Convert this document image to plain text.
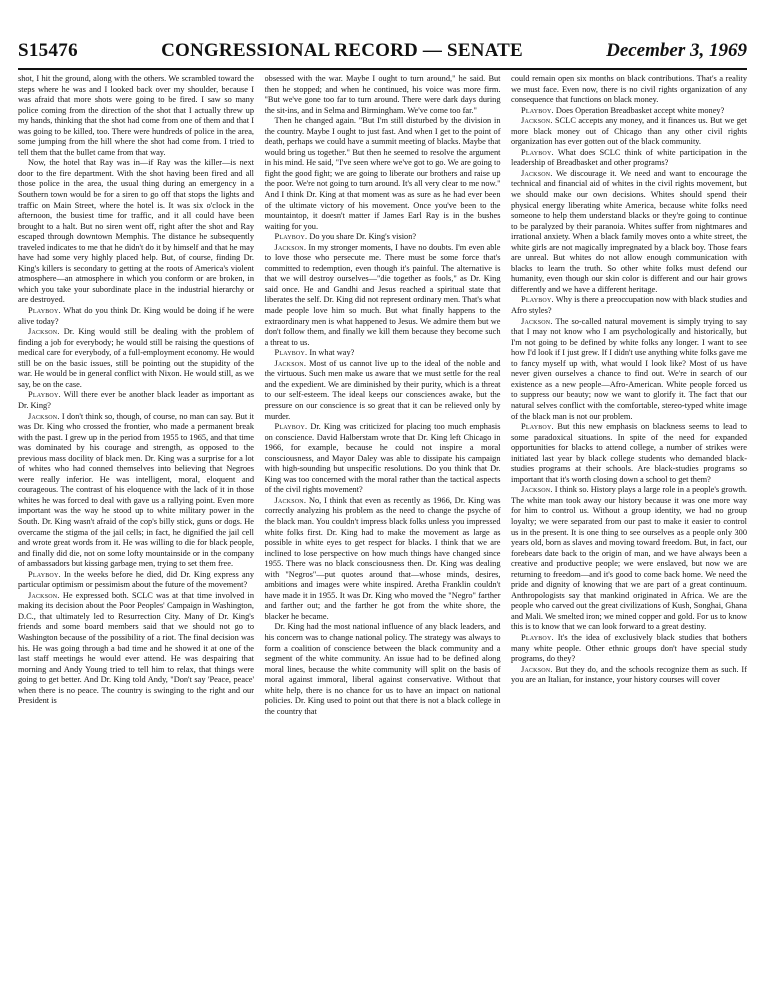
S15476	CONGRESSIONAL RECORD — SENATE	December 3, 1969

shot, I hit the ground, along with the others. We scrambled toward the steps where he was and I looked back over my shoulder, because I was afraid that more shots were going to be fired. I saw so many police coming from the direction of the shot that I actually threw up my hands, thinking that the shot had come from one of them and that I was going to be killed, too. There were hundreds of police in the area, some jumping from the hill where the shot had come from. I tried to tell them that the bullet came from that way.

Now, the hotel that Ray was in—if Ray was the killer—is next door to the fire department. With the shot having been fired and all those police in the area, the usual thing during an emergency in a Southern town would be for a siren to go off that stops the lights and traffic on Main Street, where the hotel is. It was six o'clock in the afternoon, the busiest time for traffic, and it all could have been brought to a halt. But no siren went off, right after the shot and Ray escaped through downtown Memphis. The distance he subsequently traveled indicates to me that he didn't do it by himself and that he may have had some very highly placed help. But, of course, finding Dr. King's killers is secondary to getting at the roots of America's violent atmosphere—an atmosphere in which you conform or are broken, in which you take your subordinate place in the industrial hierarchy or are destroyed.

Playboy. What do you think Dr. King would be doing if he were alive today?

Jackson. Dr. King would still be dealing with the problem of finding a job for everybody; he would still be raising the questions of medical care for everybody, of a full-employment economy. He would still be on the basic issues, still be pointing out the stupidity of the war. He would be in general conflict with Nixon. He would still, as we say, be on the case.

Playboy. Will there ever be another black leader as important as Dr. King?

Jackson. I don't think so, though, of course, no man can say. But it was Dr. King who crossed the frontier, who made a permanent break with the past. I grew up in the period from 1955 to 1965, and that time was dominated by his courage and strength, as opposed to the previous mass docility of black men. Dr. King was a surprise for a lot of whites who had conned themselves into believing that Negroes were really inferior. He was intelligent, moral, eloquent and courageous. The contrast of his eloquence with the lack of it in those whites he was forced to deal with gave us a rallying point. Even more important was the way he stood up to white military power in the South. Dr. King wasn't afraid of the cop's billy stick, guns or dogs. He overcame the stigma of the jail cells; in fact, he dignified the jail cell and wrote great words from it. He was willing to die for black people, and finally did die, not on some lofty mountainside or in the company of ambassadors but kissing garbage men, trying to set them free.

Playboy. In the weeks before he died, did Dr. King express any particular optimism or pessimism about the future of the movement?

Jackson. He expressed both. SCLC was at that time involved in making its decision about the Poor Peoples' Campaign in Washington, D.C., that ultimately led to Resurrection City. Many of Dr. King's friends and some board members said that we should not go to Washington because of the possibility of a riot. The final decision was his. He was going through a bad time and he showed it at one of the last staff meetings he would ever attend. He was despairing that morning and Andy Young tried to tell him to relax, that things were going to get better. And Dr. King told Andy, "Don't say 'Peace, peace' when there is no peace. The country is swinging to the right and our President is

obsessed with the war. Maybe I ought to turn around," he said. But then he stopped; and when he continued, his voice was more firm. "But we've gone too far to turn around. There were dark days during the sit-ins, and in Selma and Birmingham. We've come too far."

Then he changed again. "But I'm still disturbed by the division in the country. Maybe I ought to just fast. And when I get to the point of death, perhaps we could have a summit meeting of blacks. Maybe that would bring us together." But then he seemed to resolve the argument in his mind. He said, "I've seen where we've got to go. We are going to fight the good fight; we are going to liberate our brothers and raise up the poor. We're not going to turn around. It's all very clear to me now." And I think Dr. King at that moment was as sure as he had ever been of the ultimate victory of his movement. Once you've been to the mountaintop, it doesn't matter if James Earl Ray is in the bushes waiting for you.

Playboy. Do you share Dr. King's vision?

Jackson. In my stronger moments, I have no doubts. I'm even able to love those who persecute me. There must be some force that's committed to redemption, even though it's painful. The alternative is that we will destroy ourselves—"die together as fools," as Dr. King said once. He and Gandhi and Jesus reached a spiritual state that liberates the self. Dr. King did not represent ordinary men. That's what made people love him so much. But what finally happens to the extraordinary men is what happened to Jesus. We admire them but we don't follow them, and finally we kill them because they become such a threat to us.

Playboy. In what way?

Jackson. Most of us cannot live up to the ideal of the noble and the virtuous. Such men make us aware that we must settle for the real and the expedient. We are diminished by their purity, which is a threat to our self-esteem. The ideal keeps our consciences awake, but the pressure on our conscience is so great that it can be relieved only by murder.

Playboy. Dr. King was criticized for placing too much emphasis on conscience. David Halberstam wrote that Dr. King left Chicago in 1966, for example, because he could not inspire a moral consciousness, and Mayor Daley was able to dissipate his campaign with high-sounding but unspecific resolutions. Do you think that Dr. King was too concerned with the moral rather than the tactical aspects of the civil rights movement?

Jackson. No, I think that even as recently as 1966, Dr. King was correctly analyzing his problem as the need to change the psyche of the black man. You couldn't impress black folks unless you impressed white folks first. Dr. King had to make the movement as large as possible in white eyes to get respect for blacks. I think that we are inclined to lose perspective on how much things have changed since 1955. There was no black consciousness then. Dr. King was dealing with "Negros"—put quotes around that—whose minds, desires, ambitions and images were white inspired. Aretha Franklin couldn't have made it in 1955. It was Dr. King who moved the "Negro" farther and farther out; and the farther he got from the white shore, the blacker he became.

Dr. King had the most national influence of any black leaders, and his concern was to change national policy. The strategy was always to form a coalition of conscience between the black community and a segment of the white community. An issue had to be defined along moral lines, because the white community will split on the basis of moral against immoral, liberal against conservative. Without that white help, there is no chance for us to have an impact on national policies. Dr. King used to point out that there is not a black college in the country that

could remain open six months on black contributions. That's a reality we must face. Even now, there is no civil rights organization of any consequence that functions on black money.

Playboy. Does Operation Breadbasket accept white money?

Jackson. SCLC accepts any money, and it finances us. But we get more black money out of Chicago than any other civil rights organization has ever gotten out of the black community.

Playboy. What does SCLC think of white participation in the leadership of Breadbasket and other programs?

Jackson. We discourage it. We need and want to encourage the technical and financial aid of whites in the civil rights movement, but we should make our own decisions. Whites should spend their physical energy liberating white America, because white folks need someone to help them understand blacks or they're going to continue to be paralyzed by their paranoia. Whites suffer from nightmares and irrational anxiety. When a black family moves onto a white street, the white girls are not magically impregnated by a black boy. Those fears are unreal. But whites do not allow enough communication with blacks to learn the truth. So other white folks must defend our humanity, even though our skin color is different and our hair grows differently and we have a different heritage.

Playboy. Why is there a preoccupation now with black studies and Afro styles?

Jackson. The so-called natural movement is simply trying to say that I may not know who I am psychologically and historically, but I'm not going to be defined by white folks any longer. I want to see how I'd look if I just grew. If I didn't use anything white folks gave me to fancy myself up with, what would I look like? Most of us have never given ourselves a chance to find out. We're in search of our existence as a new people—Afro-American. White people forced us to suppress our beauty; now we want to glorify it. The fact that our natural selves conflict with the comfortable, stereo-typed white image of the black man is not our problem.

Playboy. But this new emphasis on blackness seems to lead to some paradoxical situations. In spite of the need for expanded opportunities for blacks to attend college, a number of strikes were initiated last year by black college students who demanded black-studies programs at their schools. Are black-studies programs so important that it's worth closing down a school to get them?

Jackson. I think so. History plays a large role in a people's growth. The white man took away our history because it was one more way for him to control us. Without a group identity, we had no group loyalty; we were separated from our past to make it easier to control us in the present. It is one thing to see ourselves as a people only 300 years old, born as slaves and moving toward freedom. But, in fact, our forebears date back to the origin of man, and we have always been a creative and productive people; we were enslaved, but now we are returning to freedom—and it's good to come back home. We need the pride and dignity of knowing that we are part of a great continuum. Anthropologists say that mankind originated in Africa. We are the people who carved out the great civilizations of Kush, Songhai, Ghana and Mali. We smelted iron; we mined copper and gold. For us to know this is to know that we can look forward to a great destiny.

Playboy. It's the idea of exclusively black studies that bothers many white people. Other ethnic groups don't have special study programs, do they?

Jackson. But they do, and the schools recognize them as such. If you are an Italian, for instance, your history courses will cover
